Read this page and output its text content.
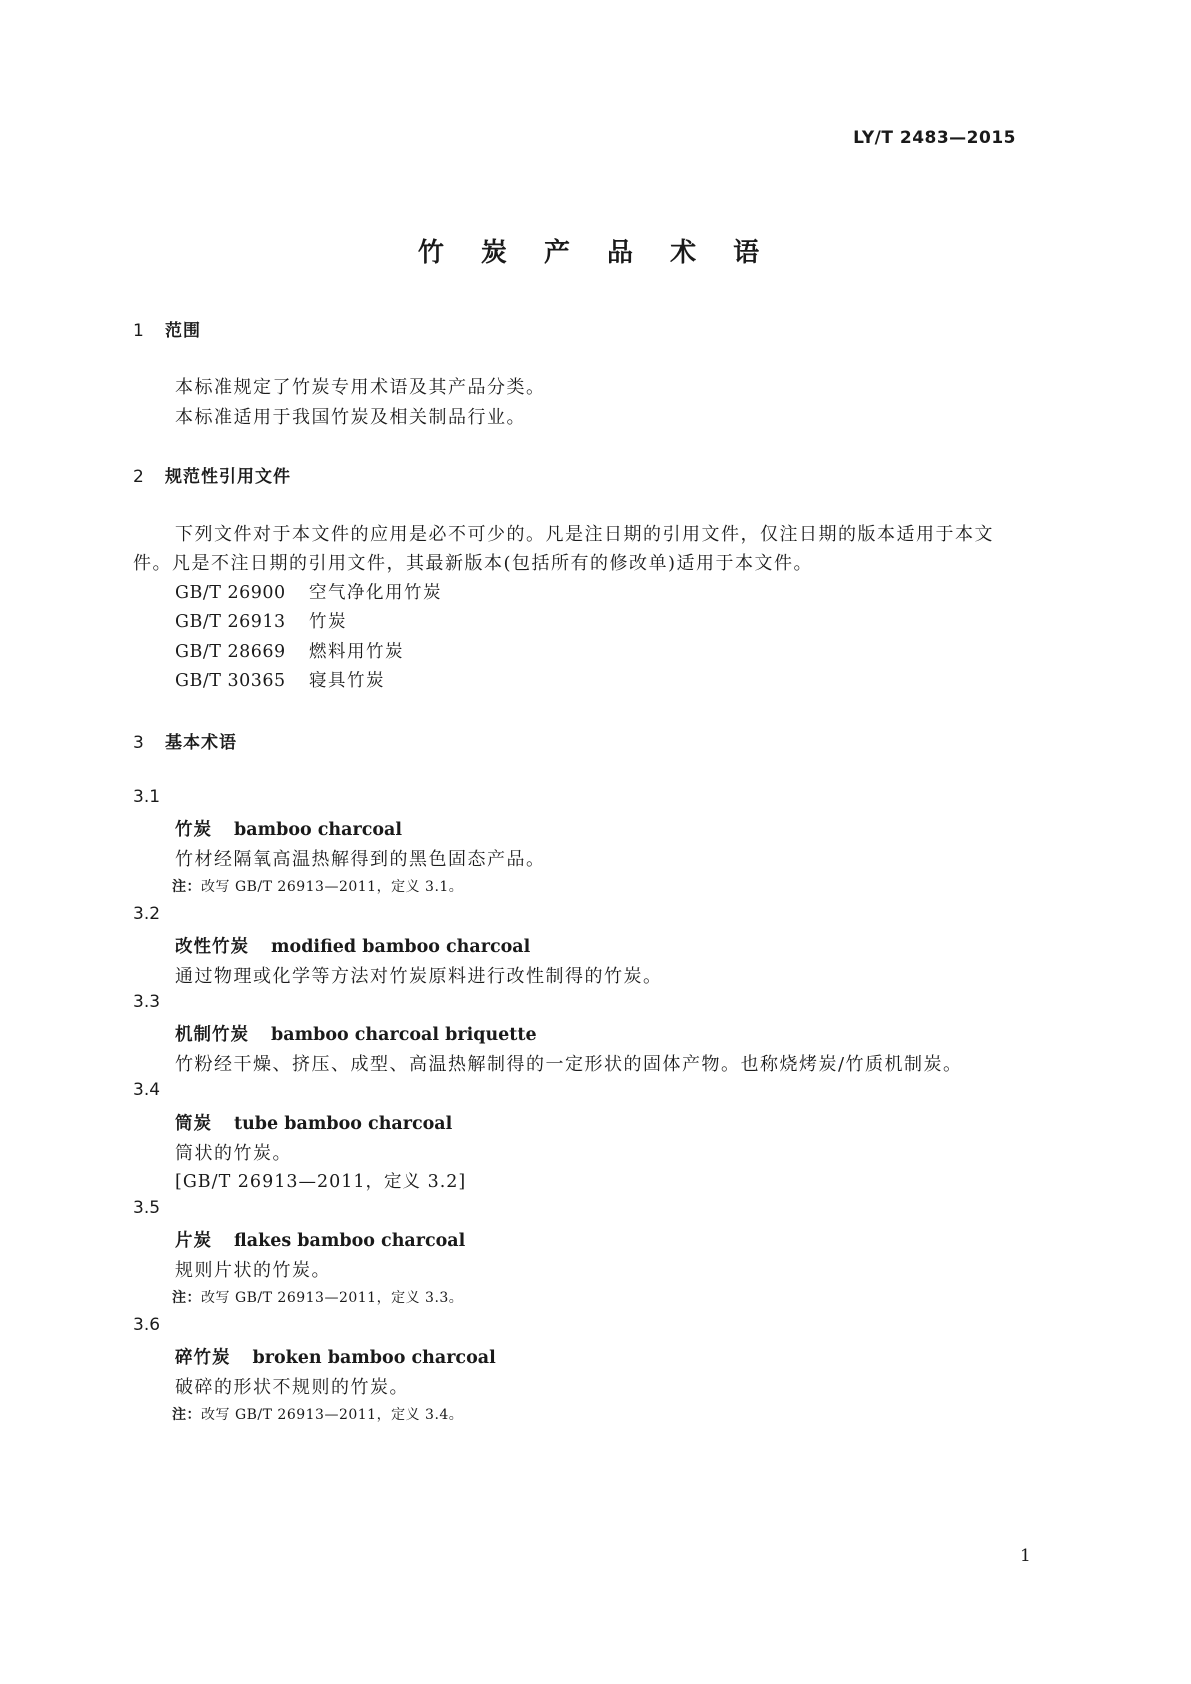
LY/T 2483—2015
竹 炭 产 品 术 语
1 范围
本标准规定了竹炭专用术语及其产品分类。
本标准适用于我国竹炭及相关制品行业。
2 规范性引用文件
下列文件对于本文件的应用是必不可少的。凡是注日期的引用文件，仅注日期的版本适用于本文
件。凡是不注日期的引用文件，其最新版本(包括所有的修改单)适用于本文件。
GB/T 26900 空气净化用竹炭
GB/T 26913 竹炭
GB/T 28669 燃料用竹炭
GB/T 30365 寝具竹炭
3 基本术语
3.1
竹炭 bamboo charcoal
竹材经隔氧高温热解得到的黑色固态产品。
注：改写 GB/T 26913—2011，定义 3.1。
3.2
改性竹炭 modified bamboo charcoal
通过物理或化学等方法对竹炭原料进行改性制得的竹炭。
3.3
机制竹炭 bamboo charcoal briquette
竹粉经干燥、挤压、成型、高温热解制得的一定形状的固体产物。也称烧烤炭/竹质机制炭。
3.4
筒炭 tube bamboo charcoal
筒状的竹炭。
[GB/T 26913—2011，定义 3.2]
3.5
片炭 flakes bamboo charcoal
规则片状的竹炭。
注：改写 GB/T 26913—2011，定义 3.3。
3.6
碎竹炭 broken bamboo charcoal
破碎的形状不规则的竹炭。
注：改写 GB/T 26913—2011，定义 3.4。
1
